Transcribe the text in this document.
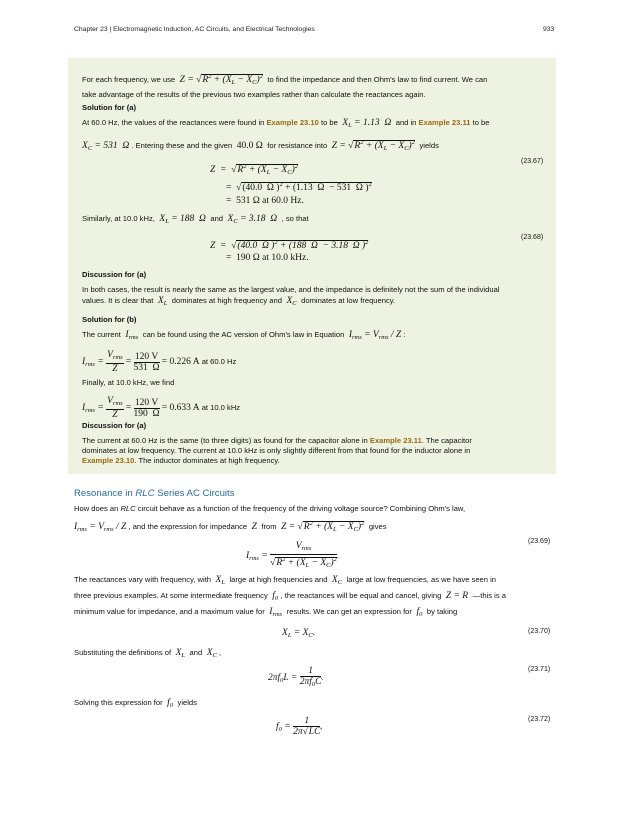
Chapter 23 | Electromagnetic Induction, AC Circuits, and Electrical Technologies	933
For each frequency, we use  $Z = √R^2 + (X_L - X_C)^2$ to find the impedance and then Ohm's law to find current. We can
take advantage of the results of the previous two examples rather than calculate the reactances again.
Solution for (a)
At 60.0 Hz, the values of the reactances were found in Example 23.10 to be  $X_L = 1.13$  Ω and in Example 23.11 to be
$X_C = 531$  Ω . Entering these and the given  40.0 Ω  for resistance into  $Z = √R^2 + (X_L - X_C)^2$ yields
$Z = √R^2 + (X_L - X_C)^2$
=  √(40.0  Ω )$^2$ + (1.13  Ω  − 531  Ω )$^2$
=  531 Ω at 60.0 Hz.
(23.67)
Similarly, at 10.0 kHz,  $X_L = 188$  Ω and  $X_C = 3.18$  Ω , so that
Z  =  √(40.0  Ω )$^2$ + (188  Ω  − 3.18  Ω )$^2$
=  190 Ω at 10.0 kHz.
(23.68)
Discussion for (a)
In both cases, the result is nearly the same as the largest value, and the impedance is definitely not the sum of the individual
values. It is clear that  $X_L$ dominates at high frequency and  $X_C$ dominates at low frequency.
Solution for (b)
The current  $I_{rms}$ can be found using the AC version of Ohm's law in Equation  $I_{rms} = V_{rms} / Z$ :
$I_{rms} = \frac{V_{rms}}{Z} = \frac{120 V}{531 \Omega} = 0.226$ A at 60.0 Hz
Finally, at 10.0 kHz, we find
$I_{rms} = \frac{V_{rms}}{Z} = \frac{120 V}{190 \Omega} = 0.633$ A at 10.0 kHz
Discussion for (a)
The current at 60.0 Hz is the same (to three digits) as found for the capacitor alone in Example 23.11. The capacitor
dominates at low frequency. The current at 10.0 kHz is only slightly different from that found for the inductor alone in
Example 23.10. The inductor dominates at high frequency.
Resonance in RLC Series AC Circuits
How does an RLC circuit behave as a function of the frequency of the driving voltage source? Combining Ohm's law,
$I_{rms} = V_{rms} / Z$ , and the expression for impedance  Z  from  $Z = √R^2 + (X_L - X_C)^2$ gives
$I_{rms} = \frac{V_{rms}}{√R^2 + (X_L - X_C)^2}$ .
(23.69)
The reactances vary with frequency, with  $X_L$ large at high frequencies and  $X_C$ large at low frequencies, as we have seen in
three previous examples. At some intermediate frequency  $f_0$ , the reactances will be equal and cancel, giving  Z = R  —this is a
minimum value for impedance, and a maximum value for  $I_{rms}$ results. We can get an expression for  $f_0$ by taking
$X_L = X_C$.	(23.70)
Substituting the definitions of  $X_L$ and  $X_C$ ,
$2\pi f_0L = \frac{1}{2\pi f_0C}$ .
(23.71)
Solving this expression for  $f_0$ yields
$f_0 = \frac{1}{2\pi√LC}$ ,
(23.72)
